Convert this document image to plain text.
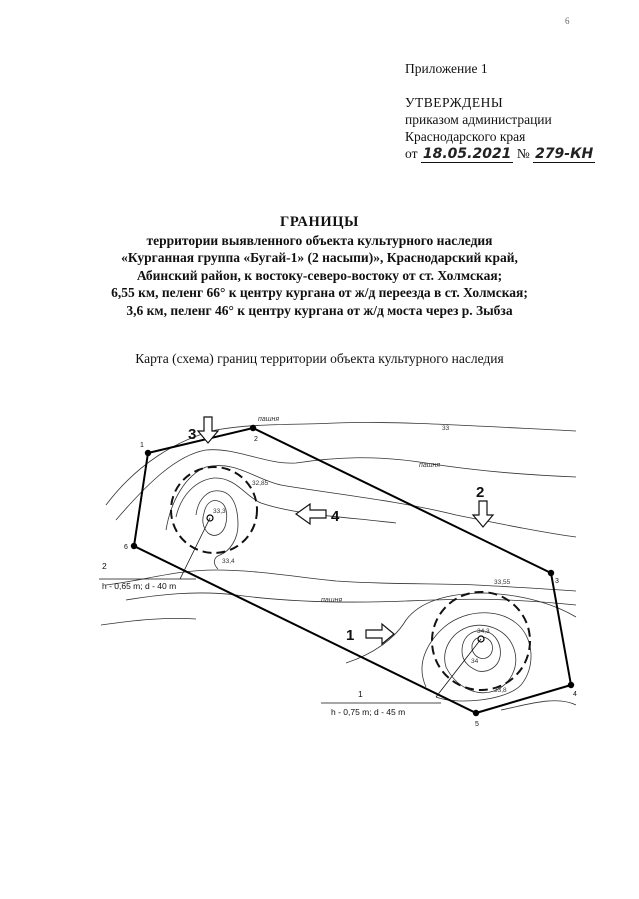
6
Приложение 1
УТВЕРЖДЕНЫ
приказом администрации
Краснодарского края
от 18.05.2021 № 279-КН
ГРАНИЦЫ
территории выявленного объекта культурного наследия
«Курганная группа «Бугай-1» (2 насыпи)», Краснодарский край,
Абинский район, к востоку-северо-востоку от ст. Холмская;
6,55 км, пеленг 66° к центру кургана от ж/д переезда в ст. Холмская;
3,6 км, пеленг 46° к центру кургана от ж/д моста через р. Зыбза
Карта (схема) границ территории объекта культурного наследия
1
2
3
4
5
6
33
32,85
33,3
33,4
33,55
34
33,8
34,3
пашня
пашня
пашня
3
2
4
1
2
h - 0,65 m; d - 40 m
1
h - 0,75 m; d - 45 m
